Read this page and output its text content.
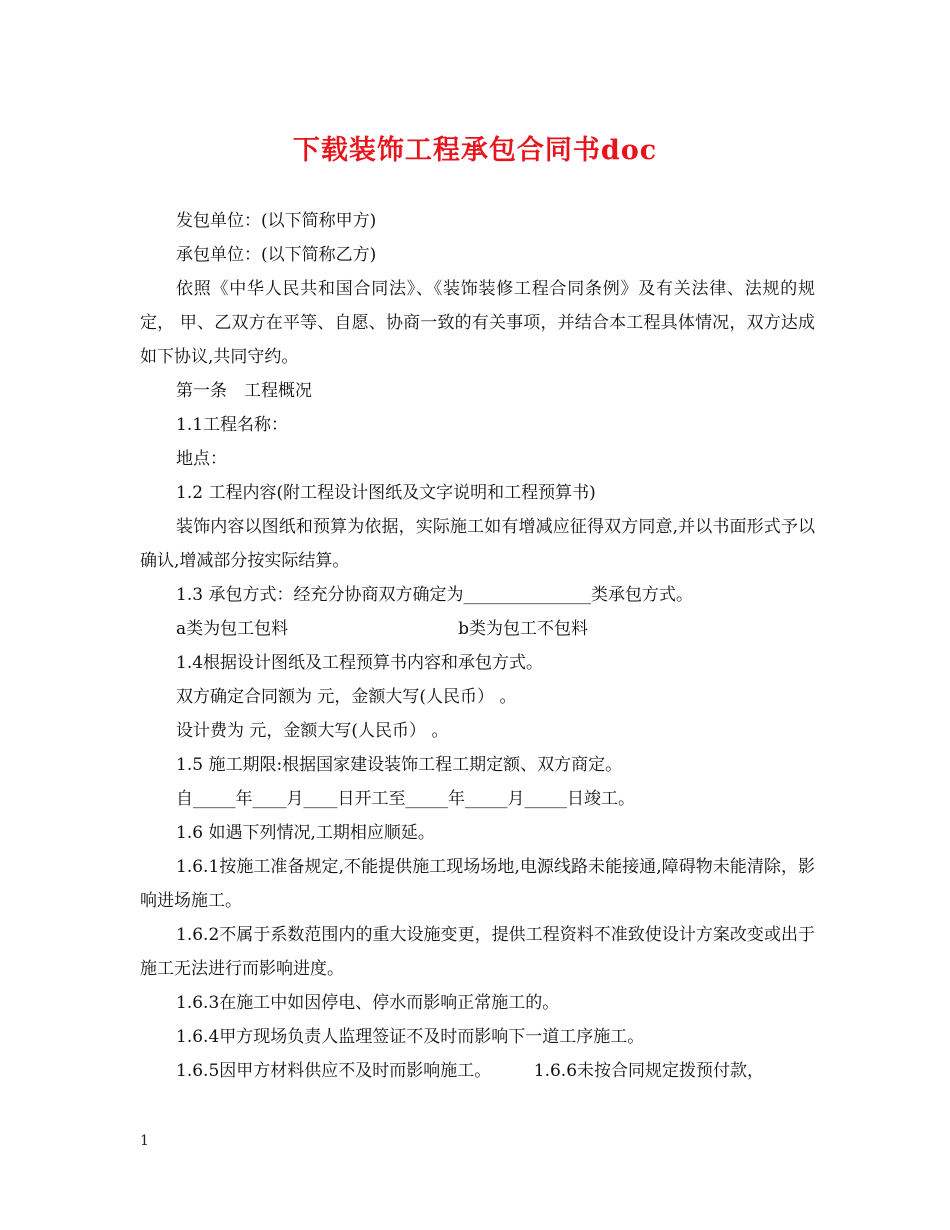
下载装饰工程承包合同书doc

发包单位：(以下简称甲方)

承包单位：(以下简称乙方)

依照《中华人民共和国合同法》、《装饰装修工程合同条例》及有关法律、法规的规定， 甲、乙双方在平等、自愿、协商一致的有关事项，并结合本工程具体情况，双方达成如下协议,共同守约。

第一条　工程概况

1.1工程名称：

地点：

1.2 工程内容(附工程设计图纸及文字说明和工程预算书)

装饰内容以图纸和预算为依据，实际施工如有增减应征得双方同意,并以书面形式予以确认,增减部分按实际结算。

1.3 承包方式：经充分协商双方确定为_______________类承包方式。

a类为包工包料　　　　　　　　　　b类为包工不包料

1.4根据设计图纸及工程预算书内容和承包方式。

双方确定合同额为 元，金额大写(人民币） 。

设计费为 元，金额大写(人民币） 。

1.5 施工期限:根据国家建设装饰工程工期定额、双方商定。

自_____年____月____日开工至_____年_____月_____日竣工。

1.6 如遇下列情况,工期相应顺延。

1.6.1按施工准备规定,不能提供施工现场场地,电源线路未能接通,障碍物未能清除，影响进场施工。

1.6.2不属于系数范围内的重大设施变更，提供工程资料不准致使设计方案改变或出于施工无法进行而影响进度。

1.6.3在施工中如因停电、停水而影响正常施工的。

1.6.4甲方现场负责人监理签证不及时而影响下一道工序施工。

1.6.5因甲方材料供应不及时而影响施工。　　　1.6.6未按合同规定拨预付款，

1
